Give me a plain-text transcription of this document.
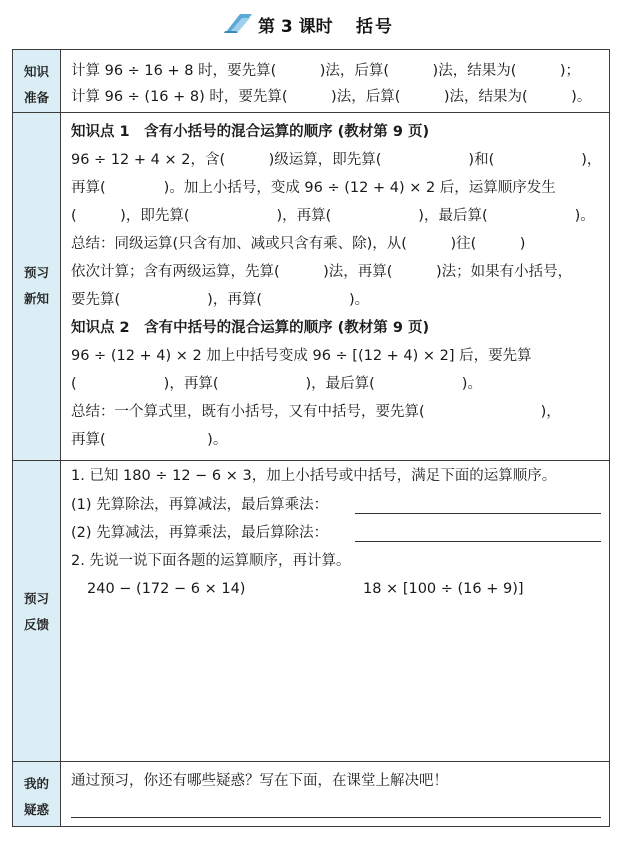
第 3 课时 括号
知识
准备
计算 96 ÷ 16 + 8 时，要先算(　　　)法，后算(　　　)法，结果为(　　　)；
计算 96 ÷ (16 + 8) 时，要先算(　　　)法，后算(　　　)法，结果为(　　　)。
预习
新知
知识点 1　含有小括号的混合运算的顺序 (教材第 9 页)
96 ÷ 12 + 4 × 2，含(　　　)级运算，即先算(　　　　　　)和(　　　　　　)，
再算(　　　　)。加上小括号，变成 96 ÷ (12 + 4) × 2 后，运算顺序发生
(　　　)，即先算(　　　　　　)，再算(　　　　　　)，最后算(　　　　　　)。
总结：同级运算(只含有加、减或只含有乘、除)，从(　　　)往(　　　)
依次计算；含有两级运算，先算(　　　)法，再算(　　　)法；如果有小括号，
要先算(　　　　　　)，再算(　　　　　　)。
知识点 2　含有中括号的混合运算的顺序 (教材第 9 页)
96 ÷ (12 + 4) × 2 加上中括号变成 96 ÷ [(12 + 4) × 2] 后，要先算
(　　　　　　)，再算(　　　　　　)，最后算(　　　　　　)。
总结：一个算式里，既有小括号，又有中括号，要先算(　　　　　　　　)，
再算(　　　　　　　)。
预习
反馈
1. 已知 180 ÷ 12 − 6 × 3，加上小括号或中括号，满足下面的运算顺序。
(1) 先算除法，再算减法，最后算乘法：
(2) 先算减法，再算乘法，最后算除法：
2. 先说一说下面各题的运算顺序，再计算。
240 − (172 − 6 × 14)	18 × [100 ÷ (16 + 9)]
我的
疑惑
通过预习，你还有哪些疑惑？写在下面，在课堂上解决吧！
